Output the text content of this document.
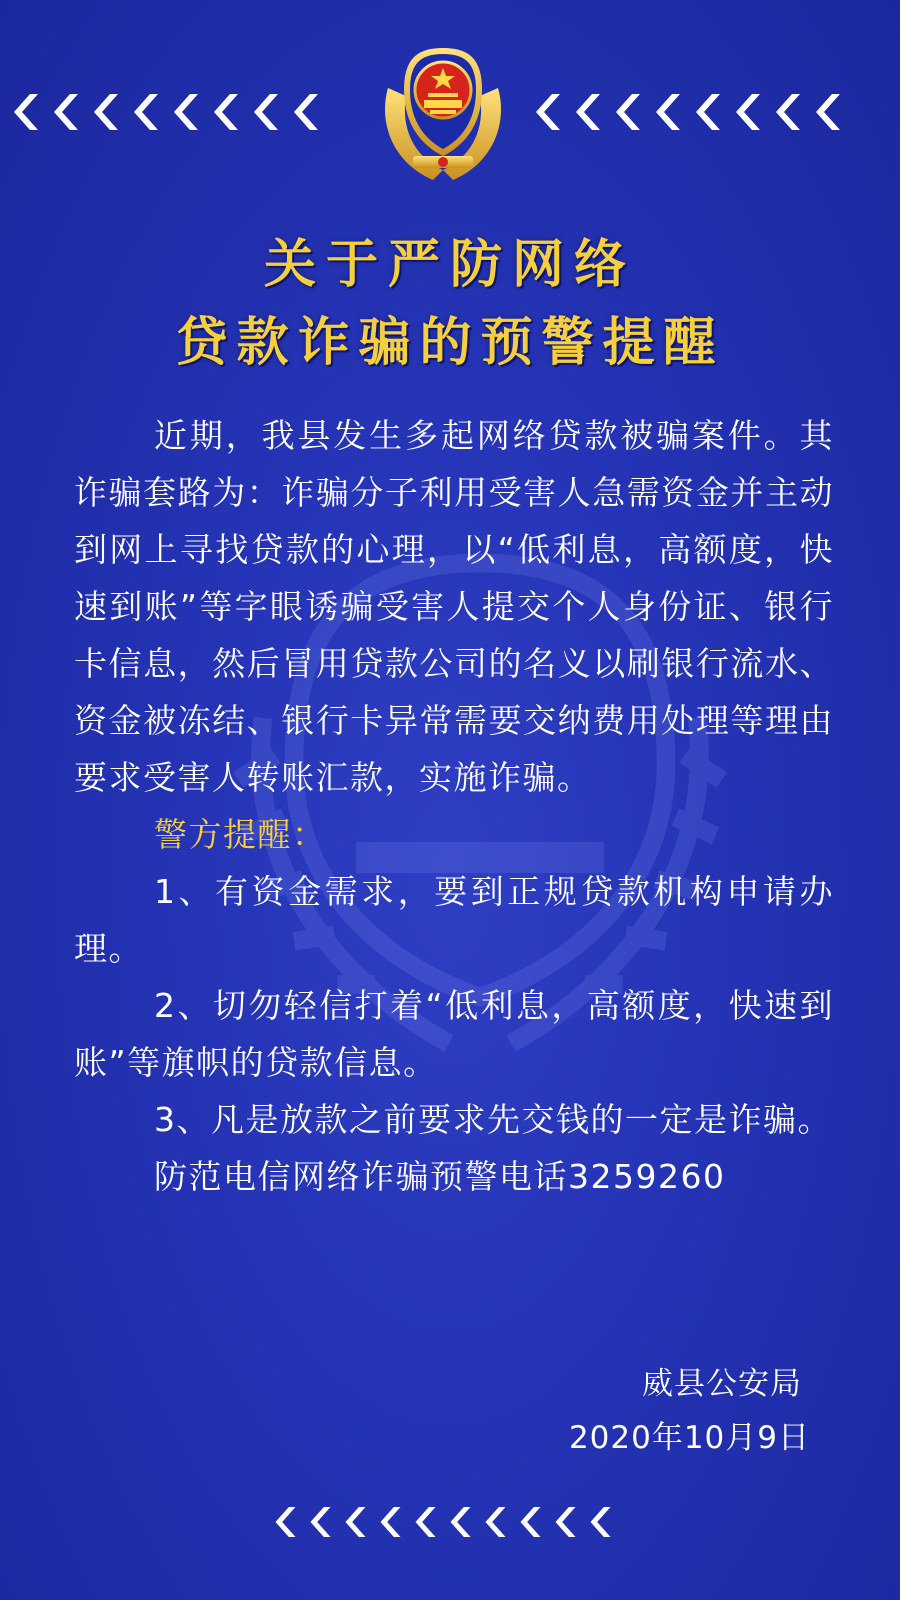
关于严防网络
贷款诈骗的预警提醒

近期，我县发生多起网络贷款被骗案件。其诈骗套路为：诈骗分子利用受害人急需资金并主动到网上寻找贷款的心理，以“低利息，高额度，快速到账”等字眼诱骗受害人提交个人身份证、银行卡信息，然后冒用贷款公司的名义以刷银行流水、资金被冻结、银行卡异常需要交纳费用处理等理由要求受害人转账汇款，实施诈骗。

警方提醒：

1、有资金需求，要到正规贷款机构申请办理。

2、切勿轻信打着“低利息，高额度，快速到账”等旗帜的贷款信息。

3、凡是放款之前要求先交钱的一定是诈骗。

防范电信网络诈骗预警电话3259260

威县公安局
2020年10月9日
